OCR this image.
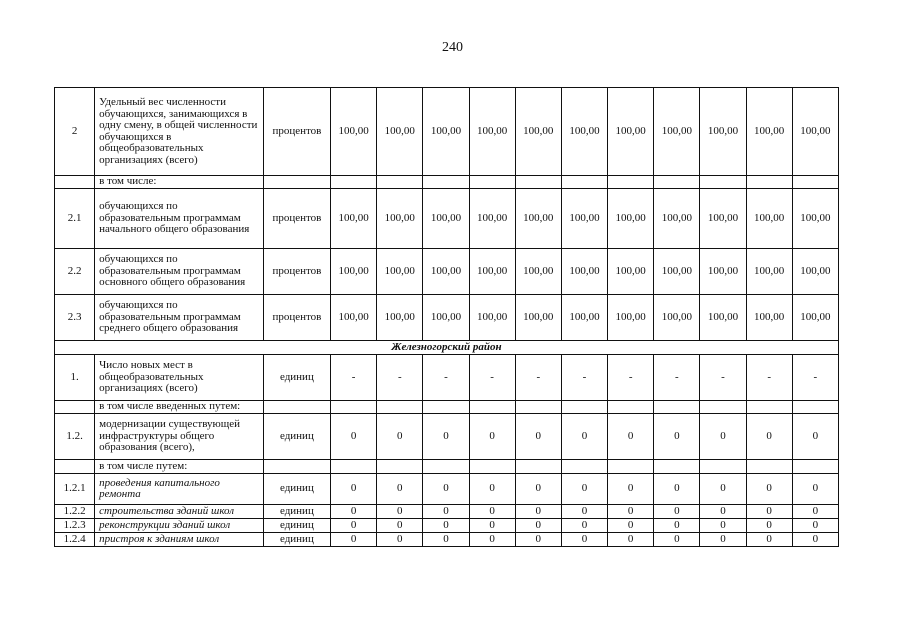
240
2	Удельный вес численности обучающихся, занимающихся в одну смену, в общей численности обучающихся в общеобразовательных организациях (всего)	процентов	100,00	100,00	100,00	100,00	100,00	100,00	100,00	100,00	100,00	100,00	100,00
	в том числе:												
2.1	обучающихся по образовательным программам начального общего образования	процентов	100,00	100,00	100,00	100,00	100,00	100,00	100,00	100,00	100,00	100,00	100,00
2.2	обучающихся по образовательным программам основного общего образования	процентов	100,00	100,00	100,00	100,00	100,00	100,00	100,00	100,00	100,00	100,00	100,00
2.3	обучающихся по образовательным программам среднего общего образования	процентов	100,00	100,00	100,00	100,00	100,00	100,00	100,00	100,00	100,00	100,00	100,00
Железногорский район													
1.	Число новых мест в общеобразовательных организациях (всего)	единиц	-	-	-	-	-	-	-	-	-	-	-
	в том числе введенных путем:												
1.2.	модернизации существующей инфраструктуры общего образования (всего),	единиц	0	0	0	0	0	0	0	0	0	0	0
	в том числе путем:												
1.2.1	проведения капитального ремонта	единиц	0	0	0	0	0	0	0	0	0	0	0
1.2.2	строительства зданий школ	единиц	0	0	0	0	0	0	0	0	0	0	0
1.2.3	реконструкции зданий школ	единиц	0	0	0	0	0	0	0	0	0	0	0
1.2.4	пристроя к зданиям школ	единиц	0	0	0	0	0	0	0	0	0	0	0
